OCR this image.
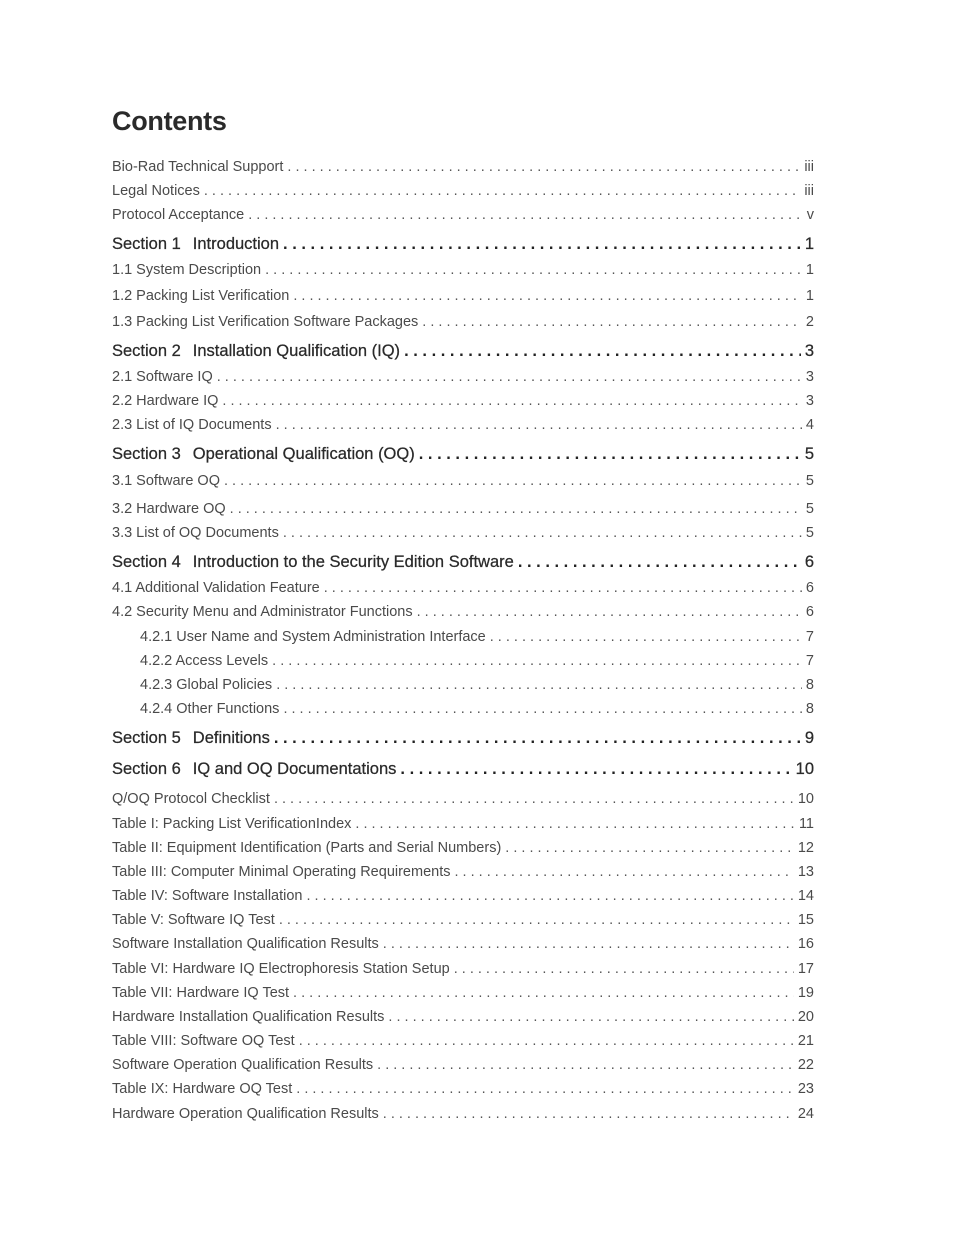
Contents
Bio-Rad Technical Support . . .	iii
Legal Notices . . .	iii
Protocol Acceptance . . .	v
Section 1 Introduction . . .	1
1.1 System Description . . .	1
1.2 Packing List Verification . . .	1
1.3 Packing List Verification Software Packages . . .	2
Section 2 Installation Qualification (IQ) . . .	3
2.1 Software IQ . . .	3
2.2 Hardware IQ . . .	3
2.3 List of IQ Documents . . .	4
Section 3 Operational Qualification (OQ) . . .	5
3.1 Software OQ . . .	5
3.2 Hardware OQ . . .	5
3.3 List of OQ Documents . . .	5
Section 4 Introduction to the Security Edition Software . . .	6
4.1 Additional Validation Feature . . .	6
4.2 Security Menu and Administrator Functions . . .	6
4.2.1 User Name and System Administration Interface . . .	7
4.2.2 Access Levels . . .	7
4.2.3 Global Policies . . .	8
4.2.4 Other Functions . . .	8
Section 5 Definitions . . .	9
Section 6 IQ and OQ Documentations . . .	10
Q/OQ Protocol Checklist . . .	10
Table I: Packing List VerificationIndex . . .	11
Table II: Equipment Identification (Parts and Serial Numbers) . . .	12
Table III: Computer Minimal Operating Requirements . . .	13
Table IV: Software Installation . . .	14
Table V: Software IQ Test . . .	15
Software Installation Qualification Results . . .	16
Table VI: Hardware IQ Electrophoresis Station Setup . . .	17
Table VII: Hardware IQ Test . . .	19
Hardware Installation Qualification Results . . .	20
Table VIII: Software OQ Test . . .	21
Software Operation Qualification Results . . .	22
Table IX: Hardware OQ Test . . .	23
Hardware Operation Qualification Results . . .	24
